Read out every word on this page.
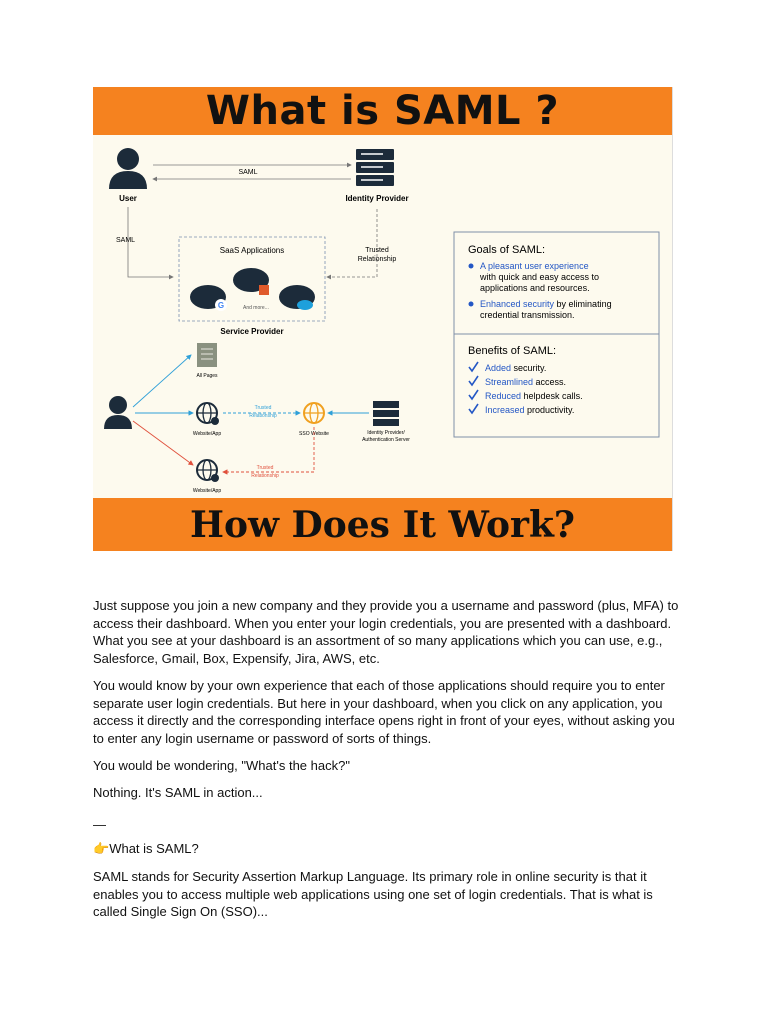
What is SAML ?
User	Identity Provider
SAML
SAML
SaaS Applications
G	And more...
Service Provider
Trusted
Relationship
Goals of SAML:
A pleasant user experience
with quick and easy access to
applications and resources.
Enhanced security by eliminating
credential transmission.
Benefits of SAML:
Added security.
Streamlined access.
Reduced helpdesk calls.
Increased productivity.
All Pages
Website/App
Website/App
SSO Website	Identity Provider/
Authentication Server
Trusted
Relationship
Trusted
Relationship
How Does It Work?
Just suppose you join a new company and they provide you a username and password (plus, MFA) to access their dashboard. When you enter your login credentials, you are presented with a dashboard. What you see at your dashboard is an assortment of so many applications which you can use, e.g., Salesforce, Gmail, Box, Expensify, Jira, AWS, etc.
You would know by your own experience that each of those applications should require you to enter separate user login credentials. But here in your dashboard, when you click on any application, you access it directly and the corresponding interface opens right in front of your eyes, without asking you to enter any login username or password of sorts of things.
You would be wondering, "What's the hack?"
Nothing. It's SAML in action...
—
👉What is SAML?
SAML stands for Security Assertion Markup Language. Its primary role in online security is that it enables you to access multiple web applications using one set of login credentials. That is what is called Single Sign On (SSO)...
